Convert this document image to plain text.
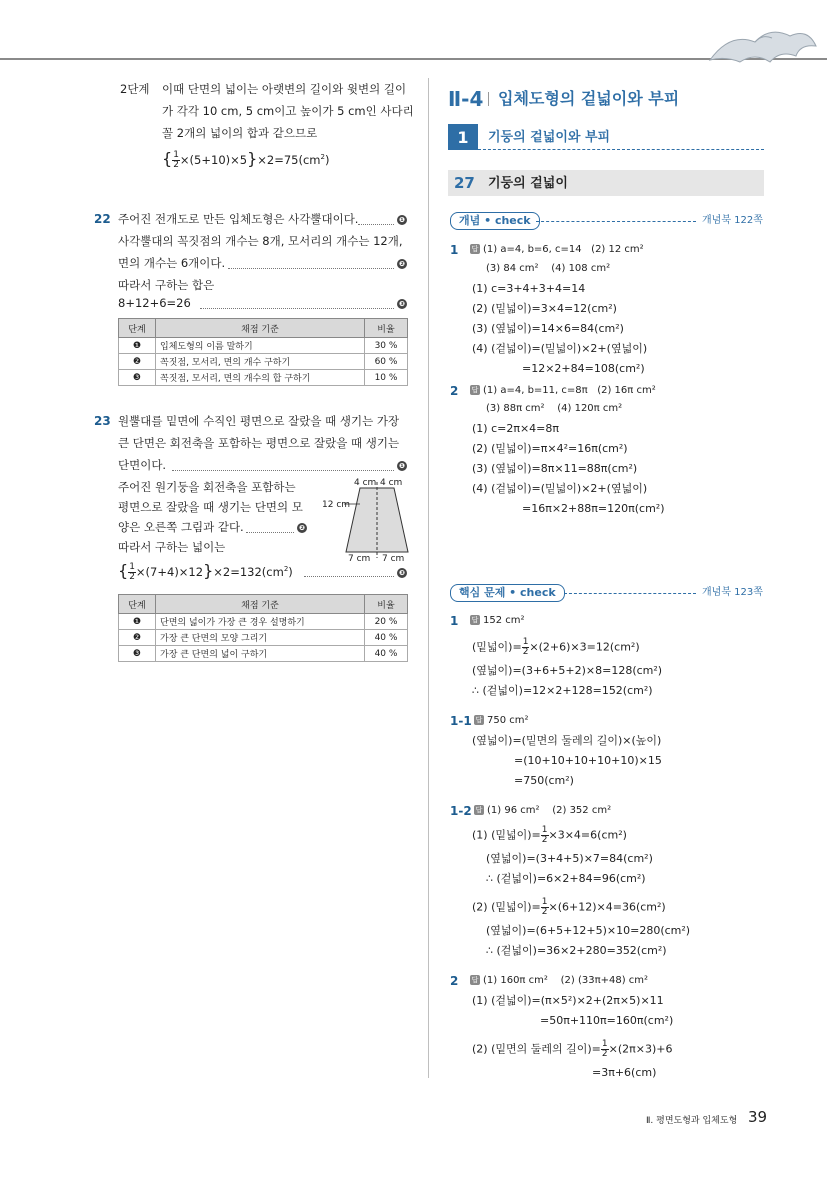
2단계 이때 단면의 넓이는 아랫변의 길이와 윗변의 길이
가 각각 10 cm, 5 cm이고 높이가 5 cm인 사다리
꼴 2개의 넓이의 합과 같으므로
{ $\frac{1}{2} \times(5+10)\times 5\}\times 2=75(cm^2)$
22 주어진 전개도로 만든 입체도형은 사각뿔대이다.	❶
사각뿔대의 꼭짓점의 개수는 8개, 모서리의 개수는 12개,
면의 개수는 6개이다.	❷
따라서 구하는 합은
8+12+6=26	❸
단계	채점 기준	비율
❶	입체도형의 이름 말하기	30 %
❷	꼭짓점, 모서리, 면의 개수 구하기	60 %
❸	꼭짓점, 모서리, 면의 개수의 합 구하기	10 %
23 원뿔대를 밑면에 수직인 평면으로 잘랐을 때 생기는 가장
큰 단면은 회전축을 포함하는 평면으로 잘랐을 때 생기는
단면이다.	❶
주어진 원기둥을 회전축을 포함하는
평면으로 잘랐을 때 생기는 단면의 모
양은 오른쪽 그림과 같다.	❷
따라서 구하는 넓이는
{ $\frac{1}{2} \times(7+4)\times 12\}\times 2=132(cm^2)$	❸
4 cm 4 cm
12 cm
7 cm 7 cm
단계	채점 기준	비율
❶	단면의 넓이가 가장 큰 경우 설명하기	20 %
❷	가장 큰 단면의 모양 그리기	40 %
❸	가장 큰 단면의 넓이 구하기	40 %
Ⅱ-4 입체도형의 겉넓이와 부피
1	기둥의 겉넓이와 부피
27 기둥의 겉넓이
개념 • check	개념북 122쪽
1 답 (1) a=4, b=6, c=14 (2) 12 cm²
(3) 84 cm² (4) 108 cm²
(1) c=3+4+3+4=14
(2) (밑넓이)=3×4=12(cm²)
(3) (옆넓이)=14×6=84(cm²)
(4) (겉넓이)=(밑넓이)×2+(옆넓이)
=12×2+84=108(cm²)
2 답 (1) a=4, b=11, c=8π (2) 16π cm²
(3) 88π cm² (4) 120π cm²
(1) c=2π×4=8π
(2) (밑넓이)=π×4²=16π(cm²)
(3) (옆넓이)=8π×11=88π(cm²)
(4) (겉넓이)=(밑넓이)×2+(옆넓이)
=16π×2+88π=120π(cm²)
핵심 문제 • check	개념북 123쪽
1 답 152 cm²
(밑넓이)= $\frac{1}{2} \times(2+6)\times 3=12(cm^2)$
(옆넓이)=(3+6+5+2)×8=128(cm²)
∴ (겉넓이)=12×2+128=152(cm²)
1-1 답 750 cm²
(옆넓이)=(밑면의 둘레의 길이)×(높이)
=(10+10+10+10+10)×15
=750(cm²)
1-2 답 (1) 96 cm² (2) 352 cm²
(1) (밑넓이)= $\frac{1}{2} \times 3\times 4=6(cm^2)$
(옆넓이)=(3+4+5)×7=84(cm²)
∴ (겉넓이)=6×2+84=96(cm²)
(2) (밑넓이)= $\frac{1}{2} \times(6+12)\times 4=36(cm^2)$
(옆넓이)=(6+5+12+5)×10=280(cm²)
∴ (겉넓이)=36×2+280=352(cm²)
2 답 (1) 160π cm² (2) (33π+48) cm²
(1) (겉넓이)=(π×5²)×2+(2π×5)×11
=50π+110π=160π(cm²)
(2) (밑면의 둘레의 길이)= $\frac{1}{2} \times(2\pi\times 3)+6$
=3π+6(cm)
Ⅱ. 평면도형과 입체도형 39
